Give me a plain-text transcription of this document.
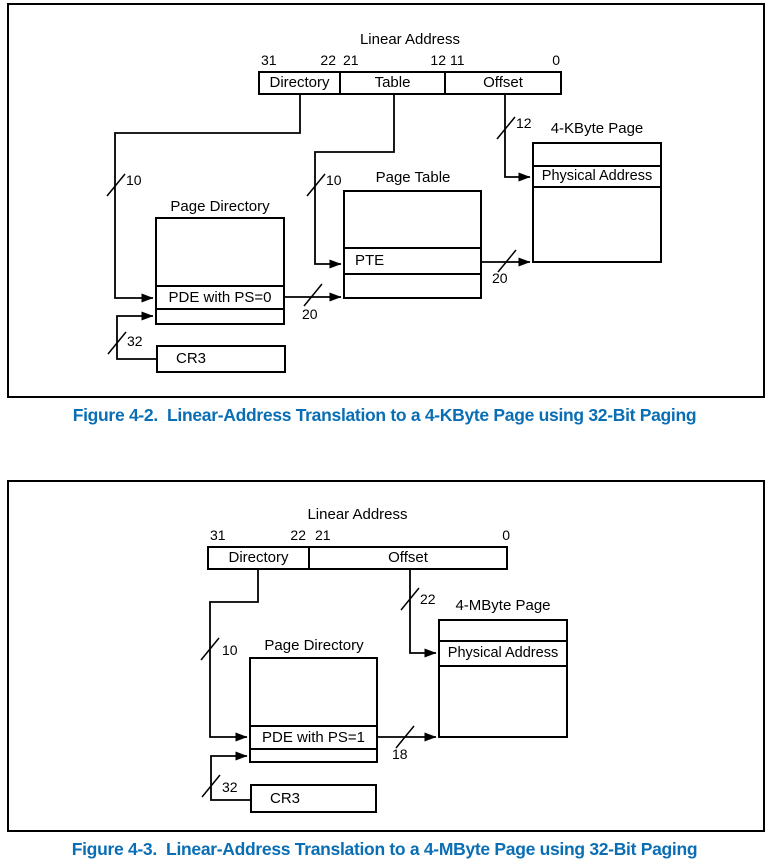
Linear Address
31	22 21	12 11	0
Directory	Table	Offset
10	10
12
20
20
32
Page Directory
PDE with PS=0
Page Table
PTE
4-KByte Page
Physical Address
CR3
Figure 4-2.  Linear-Address Translation to a 4-KByte Page using 32-Bit Paging
Linear Address
31	22 21	0
Directory	Offset
10
22
18
32
Page Directory
PDE with PS=1
4-MByte Page
Physical Address
CR3
Figure 4-3.  Linear-Address Translation to a 4-MByte Page using 32-Bit Paging
